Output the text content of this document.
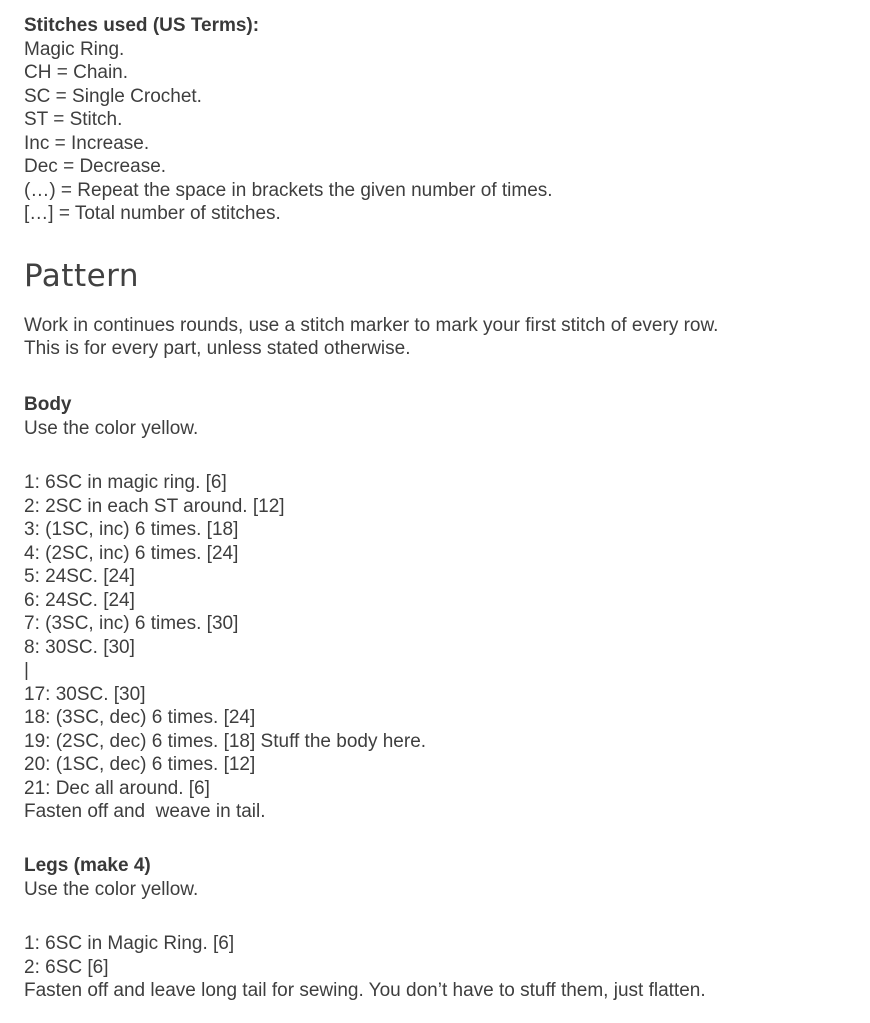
Stitches used (US Terms):
Magic Ring.
CH = Chain.
SC = Single Crochet.
ST = Stitch.
Inc = Increase.
Dec = Decrease.
(…) = Repeat the space in brackets the given number of times.
[…] = Total number of stitches.
Pattern
Work in continues rounds, use a stitch marker to mark your first stitch of every row.
This is for every part, unless stated otherwise.
Body
Use the color yellow.
1: 6SC in magic ring. [6]
2: 2SC in each ST around. [12]
3: (1SC, inc) 6 times. [18]
4: (2SC, inc) 6 times. [24]
5: 24SC. [24]
6: 24SC. [24]
7: (3SC, inc) 6 times. [30]
8: 30SC. [30]
|
17: 30SC. [30]
18: (3SC, dec) 6 times. [24]
19: (2SC, dec) 6 times. [18] Stuff the body here.
20: (1SC, dec) 6 times. [12]
21: Dec all around. [6]
Fasten off and  weave in tail.
Legs (make 4)
Use the color yellow.
1: 6SC in Magic Ring. [6]
2: 6SC [6]
Fasten off and leave long tail for sewing. You don’t have to stuff them, just flatten.
